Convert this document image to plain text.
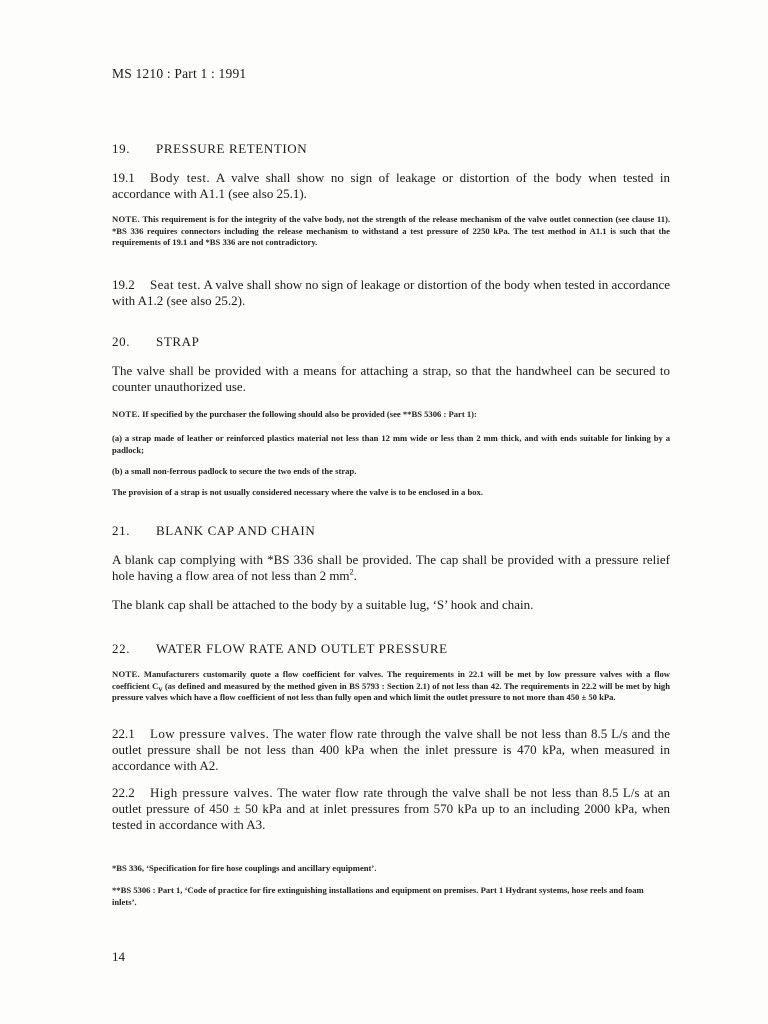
MS 1210 : Part 1 : 1991
19. PRESSURE RETENTION
19.1 Body test. A valve shall show no sign of leakage or distortion of the body when tested in accordance with A1.1 (see also 25.1).
NOTE. This requirement is for the integrity of the valve body, not the strength of the release mechanism of the valve outlet connection (see clause 11). *BS 336 requires connectors including the release mechanism to withstand a test pressure of 2250 kPa. The test method in A1.1 is such that the requirements of 19.1 and *BS 336 are not contradictory.
19.2 Seat test. A valve shall show no sign of leakage or distortion of the body when tested in accordance with A1.2 (see also 25.2).
20. STRAP
The valve shall be provided with a means for attaching a strap, so that the handwheel can be secured to counter unauthorized use.
NOTE. If specified by the purchaser the following should also be provided (see **BS 5306 : Part 1):
(a) a strap made of leather or reinforced plastics material not less than 12 mm wide or less than 2 mm thick, and with ends suitable for linking by a padlock;
(b) a small non-ferrous padlock to secure the two ends of the strap.
The provision of a strap is not usually considered necessary where the valve is to be enclosed in a box.
21. BLANK CAP AND CHAIN
A blank cap complying with *BS 336 shall be provided. The cap shall be provided with a pressure relief hole having a flow area of not less than 2 $mm^2$.
The blank cap shall be attached to the body by a suitable lug, ‘S’ hook and chain.
22. WATER FLOW RATE AND OUTLET PRESSURE
NOTE. Manufacturers customarily quote a flow coefficient for valves. The requirements in 22.1 will be met by low pressure valves with a flow coefficient $C_v$ (as defined and measured by the method given in BS 5793 : Section 2.1) of not less than 42. The requirements in 22.2 will be met by high pressure valves which have a flow coefficient of not less than fully open and which limit the outlet pressure to not more than 450 ± 50 kPa.
22.1 Low pressure valves. The water flow rate through the valve shall be not less than 8.5 L/s and the outlet pressure shall be not less than 400 kPa when the inlet pressure is 470 kPa, when measured in accordance with A2.
22.2 High pressure valves. The water flow rate through the valve shall be not less than 8.5 L/s at an outlet pressure of 450 ± 50 kPa and at inlet pressures from 570 kPa up to an including 2000 kPa, when tested in accordance with A3.
*BS 336, ‘Specification for fire hose couplings and ancillary equipment’.
**BS 5306 : Part 1, ‘Code of practice for fire extinguishing installations and equipment on premises. Part 1 Hydrant systems, hose reels and foam inlets’.
14
